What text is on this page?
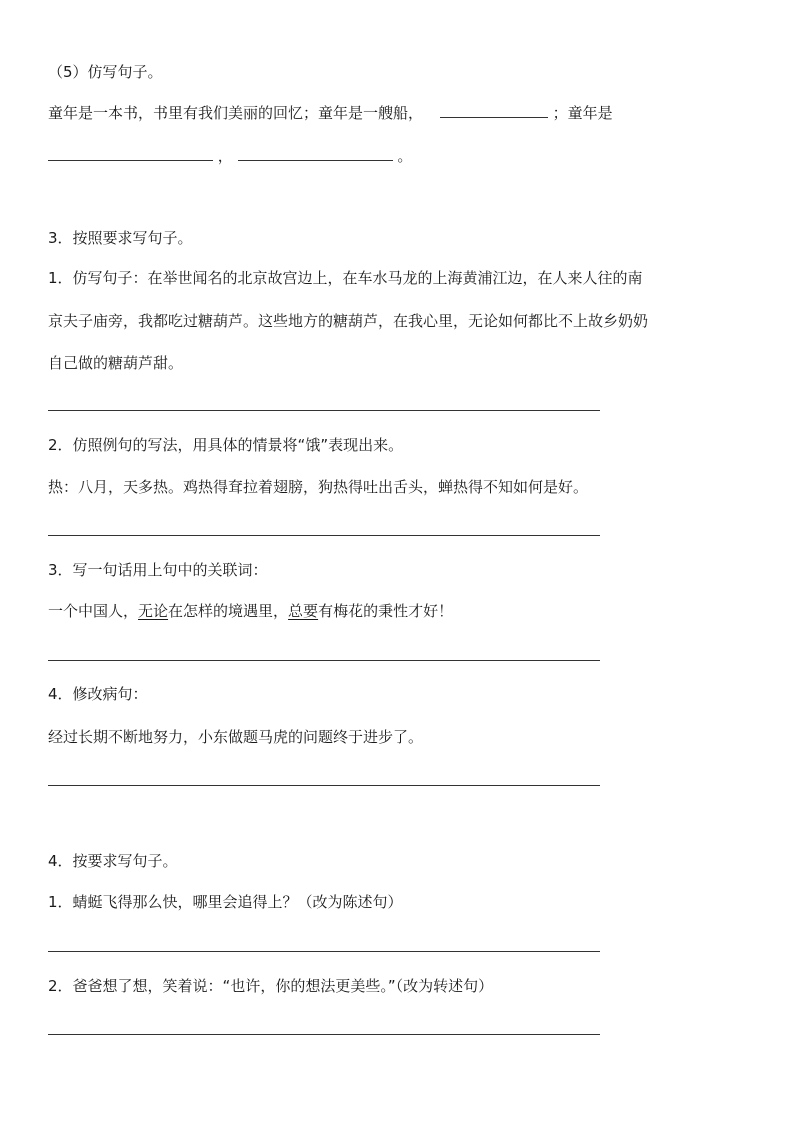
（5）仿写句子。
童年是一本书，书里有我们美丽的回忆；童年是一艘船，	；童年是
，	。
3．按照要求写句子。
1．仿写句子：在举世闻名的北京故宫边上，在车水马龙的上海黄浦江边，在人来人往的南
京夫子庙旁，我都吃过糖葫芦。这些地方的糖葫芦，在我心里，无论如何都比不上故乡奶奶
自己做的糖葫芦甜。
2．仿照例句的写法，用具体的情景将“饿”表现出来。
热：八月，天多热。鸡热得耷拉着翅膀，狗热得吐出舌头，蝉热得不知如何是好。
3．写一句话用上句中的关联词：
一个中国人，无论在怎样的境遇里，总要有梅花的秉性才好！
4．修改病句：
经过长期不断地努力，小东做题马虎的问题终于进步了。
4．按要求写句子。
1．蜻蜓飞得那么快，哪里会追得上？（改为陈述句）
2．爸爸想了想，笑着说：“也许，你的想法更美些。”（改为转述句）
